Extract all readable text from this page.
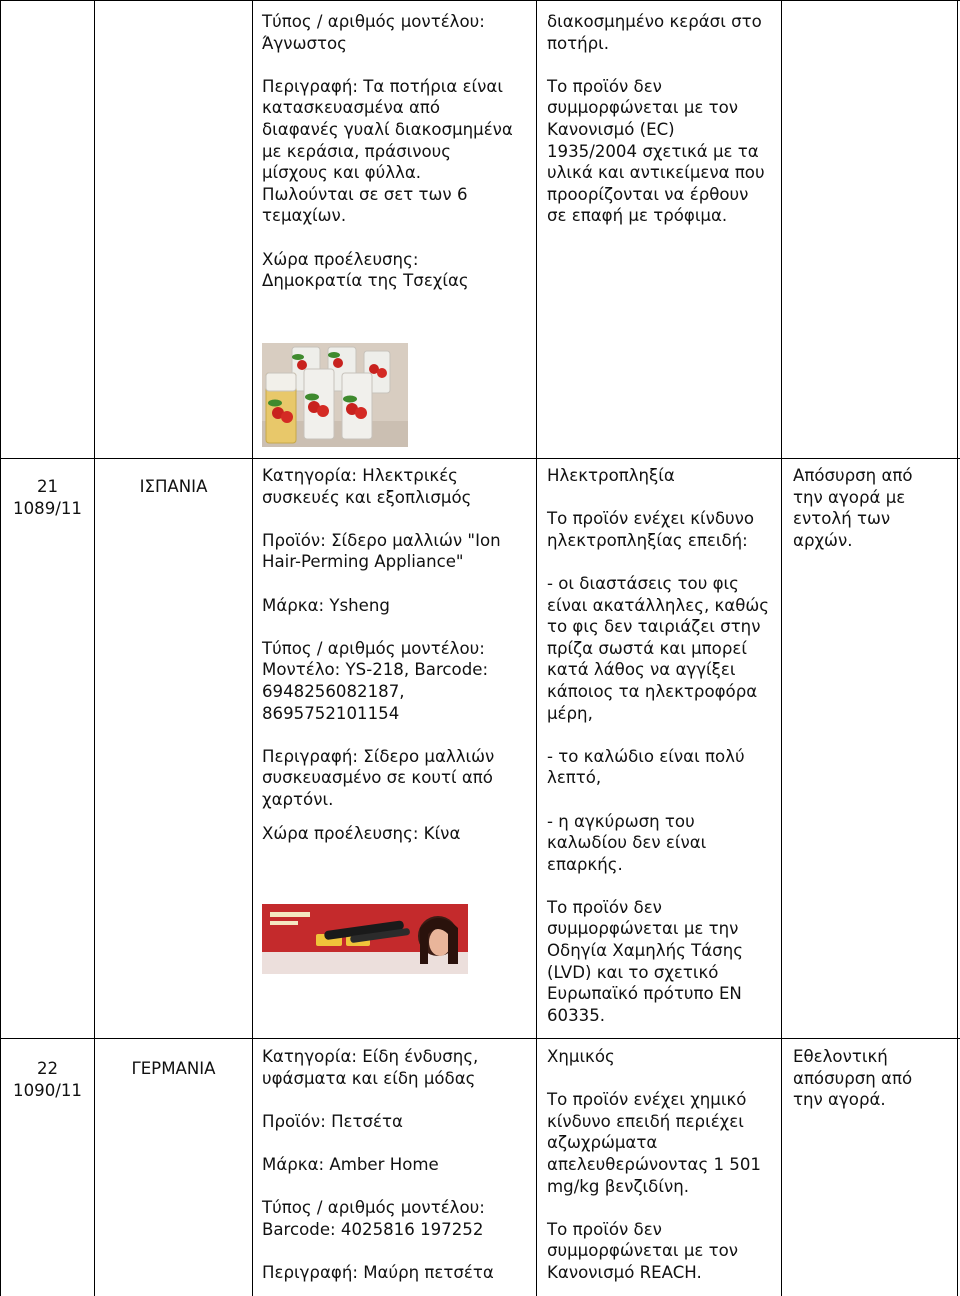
Τύπος / αριθμός μοντέλου:
Άγνωστος

Περιγραφή: Τα ποτήρια είναι
κατασκευασμένα από
διαφανές γυαλί διακοσμημένα
με κεράσια, πράσινους
μίσχους και φύλλα.
Πωλούνται σε σετ των 6
τεμαχίων.

Χώρα προέλευσης:
Δημοκρατία της Τσεχίας

διακοσμημένο κεράσι στο
ποτήρι.

Το προϊόν δεν
συμμορφώνεται με τον
Κανονισμό (EC)
1935/2004 σχετικά με τα
υλικά και αντικείμενα που
προορίζονται να έρθουν
σε επαφή με τρόφιμα.

21
1089/11

ΙΣΠΑΝΙΑ

Κατηγορία: Ηλεκτρικές
συσκευές και εξοπλισμός

Προϊόν: Σίδερο μαλλιών "Ion
Hair-Perming Appliance"

Μάρκα: Ysheng

Τύπος / αριθμός μοντέλου:
Μοντέλο: YS-218, Barcode:
6948256082187,
8695752101154

Περιγραφή: Σίδερο μαλλιών
συσκευασμένο σε κουτί από
χαρτόνι.

Χώρα προέλευσης: Κίνα

Ηλεκτροπληξία

Το προϊόν ενέχει κίνδυνο
ηλεκτροπληξίας επειδή:

- οι διαστάσεις του φις
είναι ακατάλληλες, καθώς
το φις δεν ταιριάζει στην
πρίζα σωστά και μπορεί
κατά λάθος να αγγίξει
κάποιος τα ηλεκτροφόρα
μέρη,

- το καλώδιο είναι πολύ
λεπτό,

- η αγκύρωση του
καλωδίου δεν είναι
επαρκής.

Το προϊόν δεν
συμμορφώνεται με την
Οδηγία Χαμηλής Τάσης
(LVD) και το σχετικό
Ευρωπαϊκό πρότυπο EN
60335.

Απόσυρση από
την αγορά με
εντολή των
αρχών.

22
1090/11

ΓΕΡΜΑΝΙΑ

Κατηγορία: Είδη ένδυσης,
υφάσματα και είδη μόδας

Προϊόν: Πετσέτα

Μάρκα: Amber Home

Τύπος / αριθμός μοντέλου:
Barcode: 4025816 197252

Περιγραφή: Μαύρη πετσέτα

Χημικός

Το προϊόν ενέχει χημικό
κίνδυνο επειδή περιέχει
αζωχρώματα
απελευθερώνοντας 1 501
mg/kg βενζιδίνη.

Το προϊόν δεν
συμμορφώνεται με τον
Κανονισμό REACH.

Εθελοντική
απόσυρση από
την αγορά.
